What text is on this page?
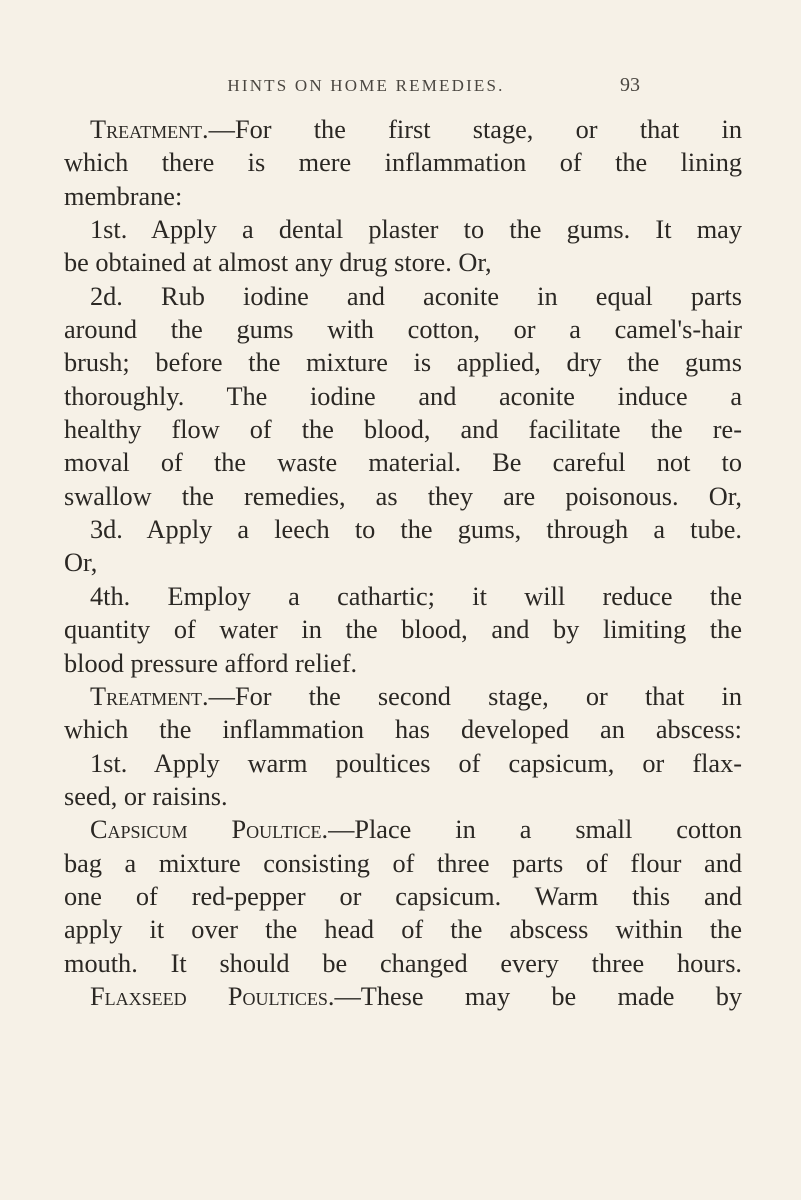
HINTS ON HOME REMEDIES.	93
Treatment.—For the first stage, or that in
which there is mere inflammation of the lining
membrane:
1st. Apply a dental plaster to the gums. It may
be obtained at almost any drug store. Or,
2d. Rub iodine and aconite in equal parts
around the gums with cotton, or a camel's-hair
brush; before the mixture is applied, dry the gums
thoroughly. The iodine and aconite induce a
healthy flow of the blood, and facilitate the re-
moval of the waste material. Be careful not to
swallow the remedies, as they are poisonous. Or,
3d. Apply a leech to the gums, through a tube.
Or,
4th. Employ a cathartic; it will reduce the
quantity of water in the blood, and by limiting the
blood pressure afford relief.
Treatment.—For the second stage, or that in
which the inflammation has developed an abscess:
1st. Apply warm poultices of capsicum, or flax-
seed, or raisins.
Capsicum Poultice.—Place in a small cotton
bag a mixture consisting of three parts of flour and
one of red-pepper or capsicum. Warm this and
apply it over the head of the abscess within the
mouth. It should be changed every three hours.
Flaxseed Poultices.—These may be made by
